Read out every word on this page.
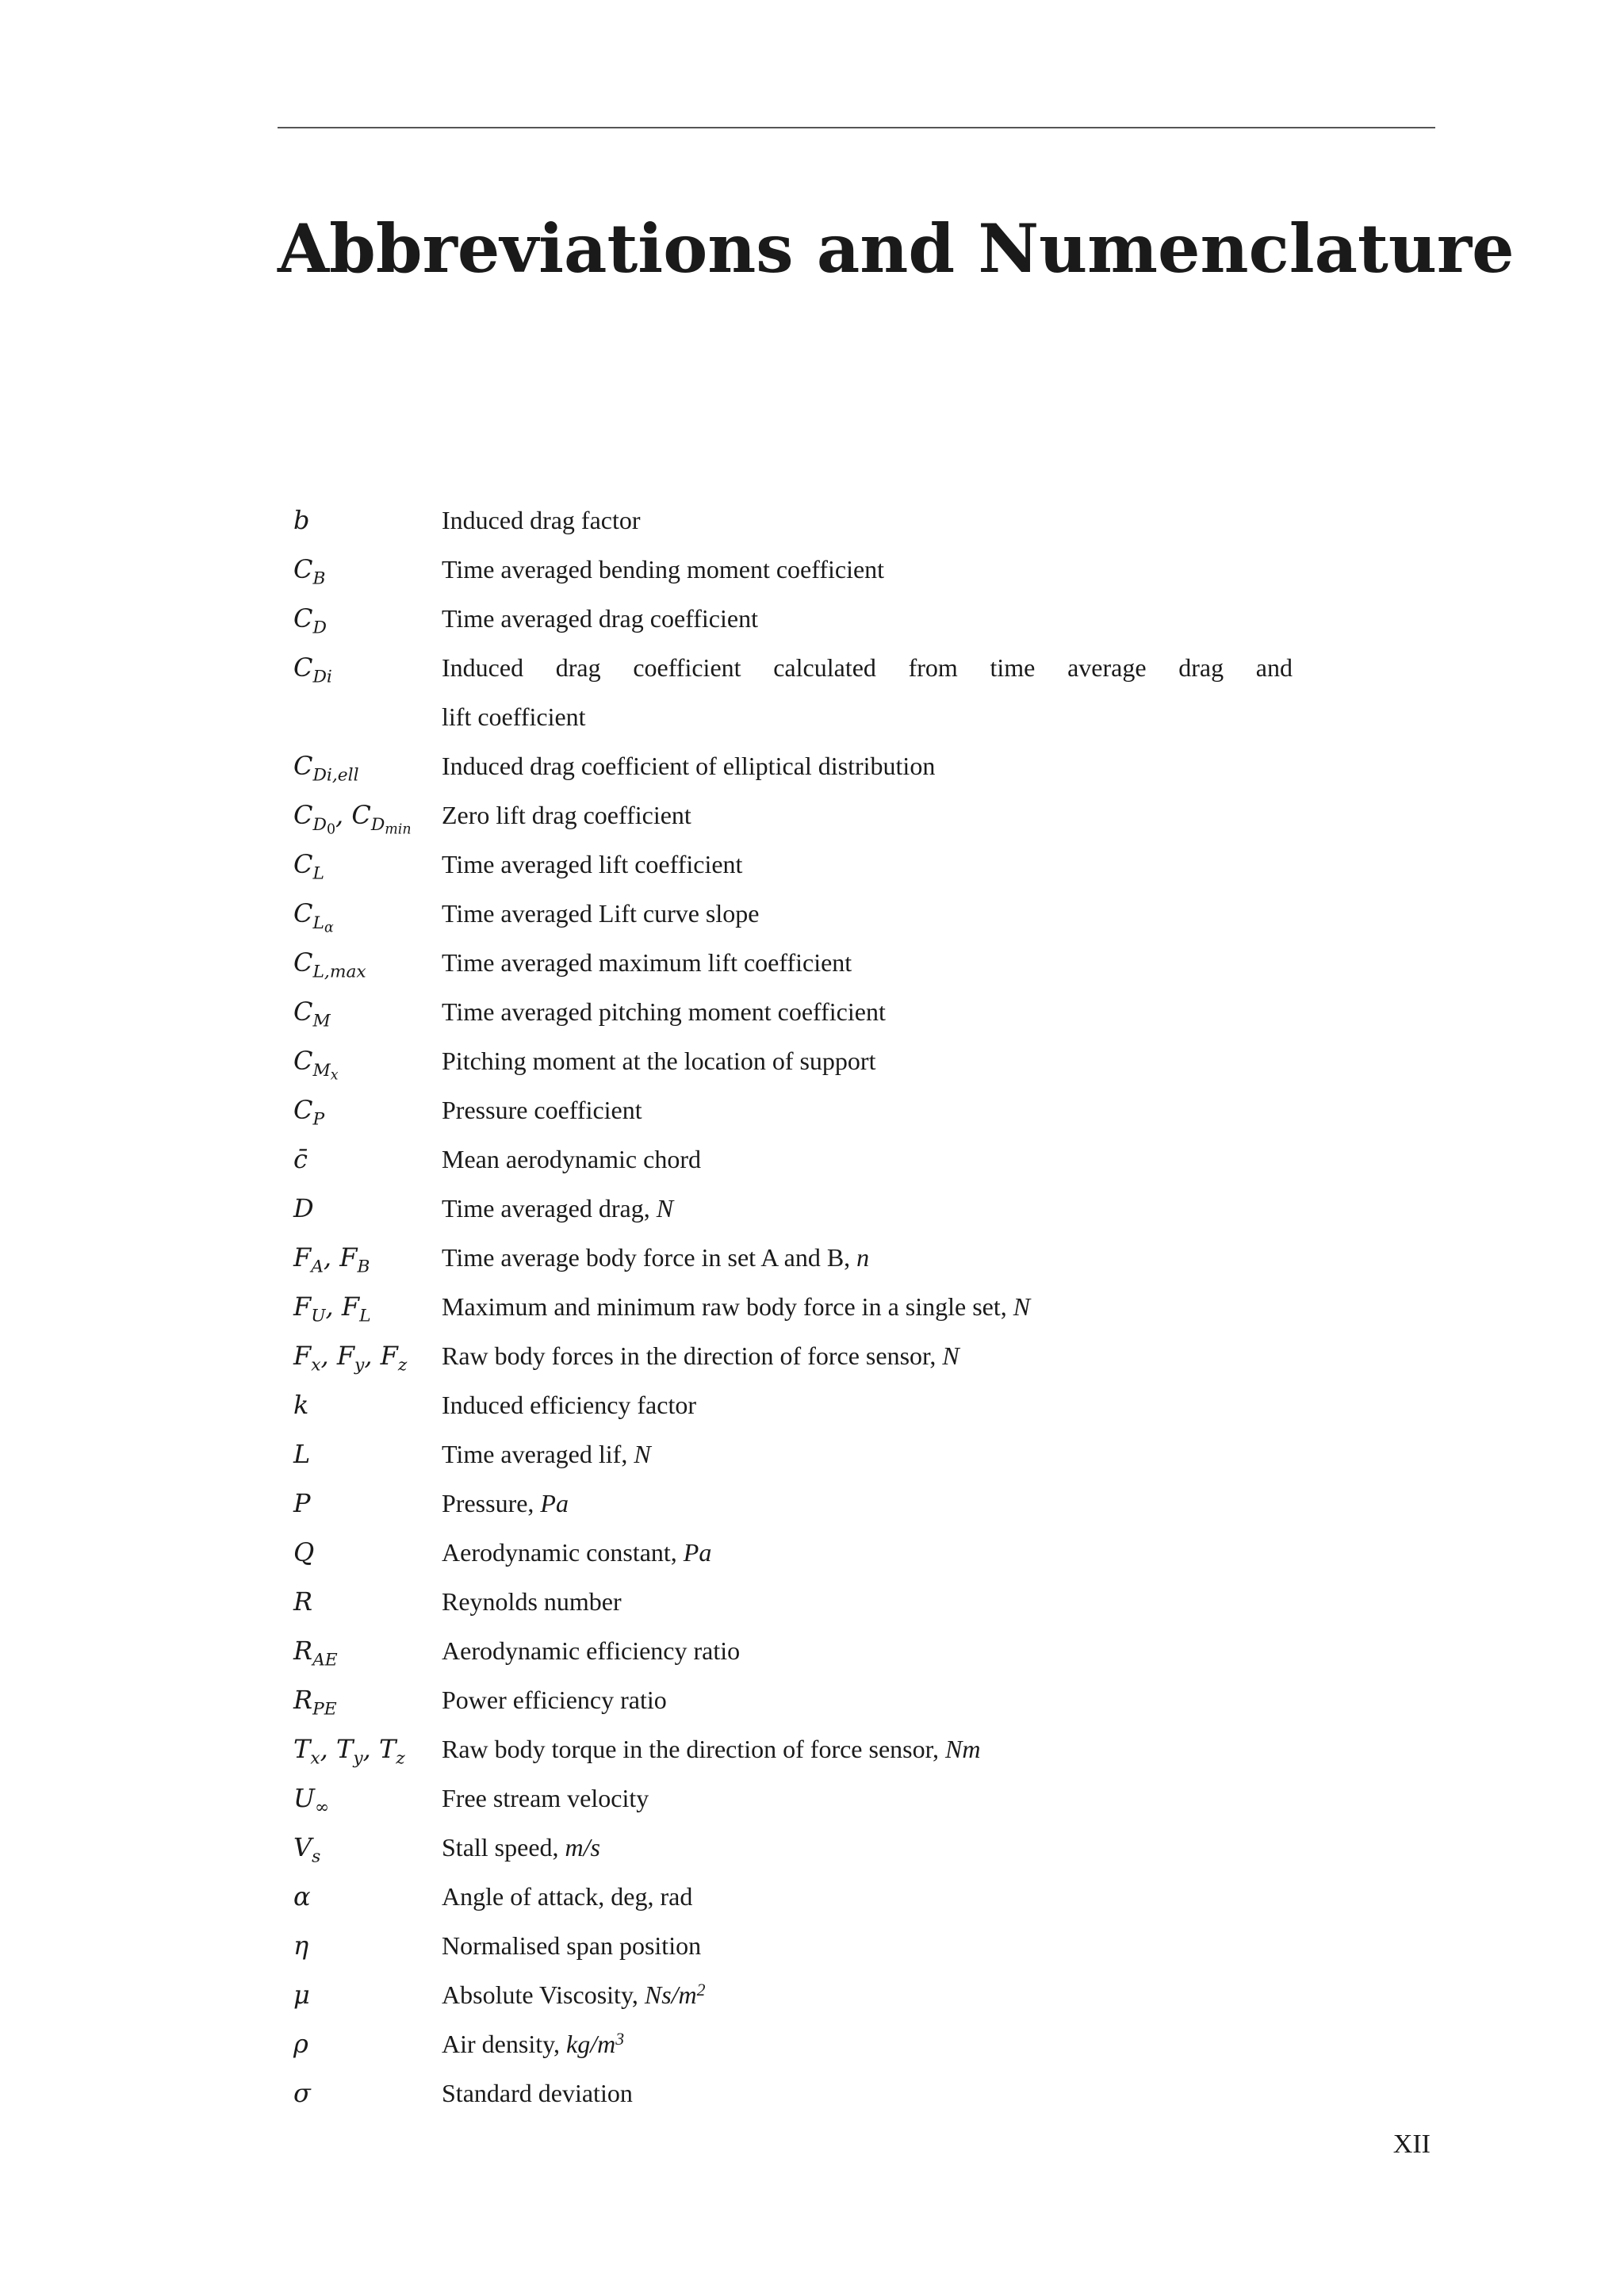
Abbreviations and Numenclature
b	Induced drag factor
$C_B$	Time averaged bending moment coefficient
$C_D$	Time averaged drag coefficient
$C_{Di}$	Induced drag coefficient calculated from time average drag and
lift coefficient
$C_{Di,ell}$	Induced drag coefficient of elliptical distribution
$C_{D_0}$, $C_{D_{min}}$	Zero lift drag coefficient
$C_L$	Time averaged lift coefficient
$C_{L_\alpha}$	Time averaged Lift curve slope
$C_{L,max}$	Time averaged maximum lift coefficient
$C_M$	Time averaged pitching moment coefficient
$C_{M_x}$	Pitching moment at the location of support
$C_P$	Pressure coefficient
c̄	Mean aerodynamic chord
D	Time averaged drag, N
$F_A$, $F_B$	Time average body force in set A and B, n
$F_U$, $F_L$	Maximum and minimum raw body force in a single set, N
$F_x$, $F_y$, $F_z$	Raw body forces in the direction of force sensor, N
k	Induced efficiency factor
L	Time averaged lif, N
P	Pressure, Pa
Q	Aerodynamic constant, Pa
R	Reynolds number
$R_{AE}$	Aerodynamic efficiency ratio
$R_{PE}$	Power efficiency ratio
$T_x$, $T_y$, $T_z$	Raw body torque in the direction of force sensor, Nm
$U_\infty$	Free stream velocity
$V_s$	Stall speed, m/s
α	Angle of attack, deg, rad
η	Normalised span position
μ	Absolute Viscosity, $Ns/m^2$
ρ	Air density, $kg/m^3$
σ	Standard deviation
XII
